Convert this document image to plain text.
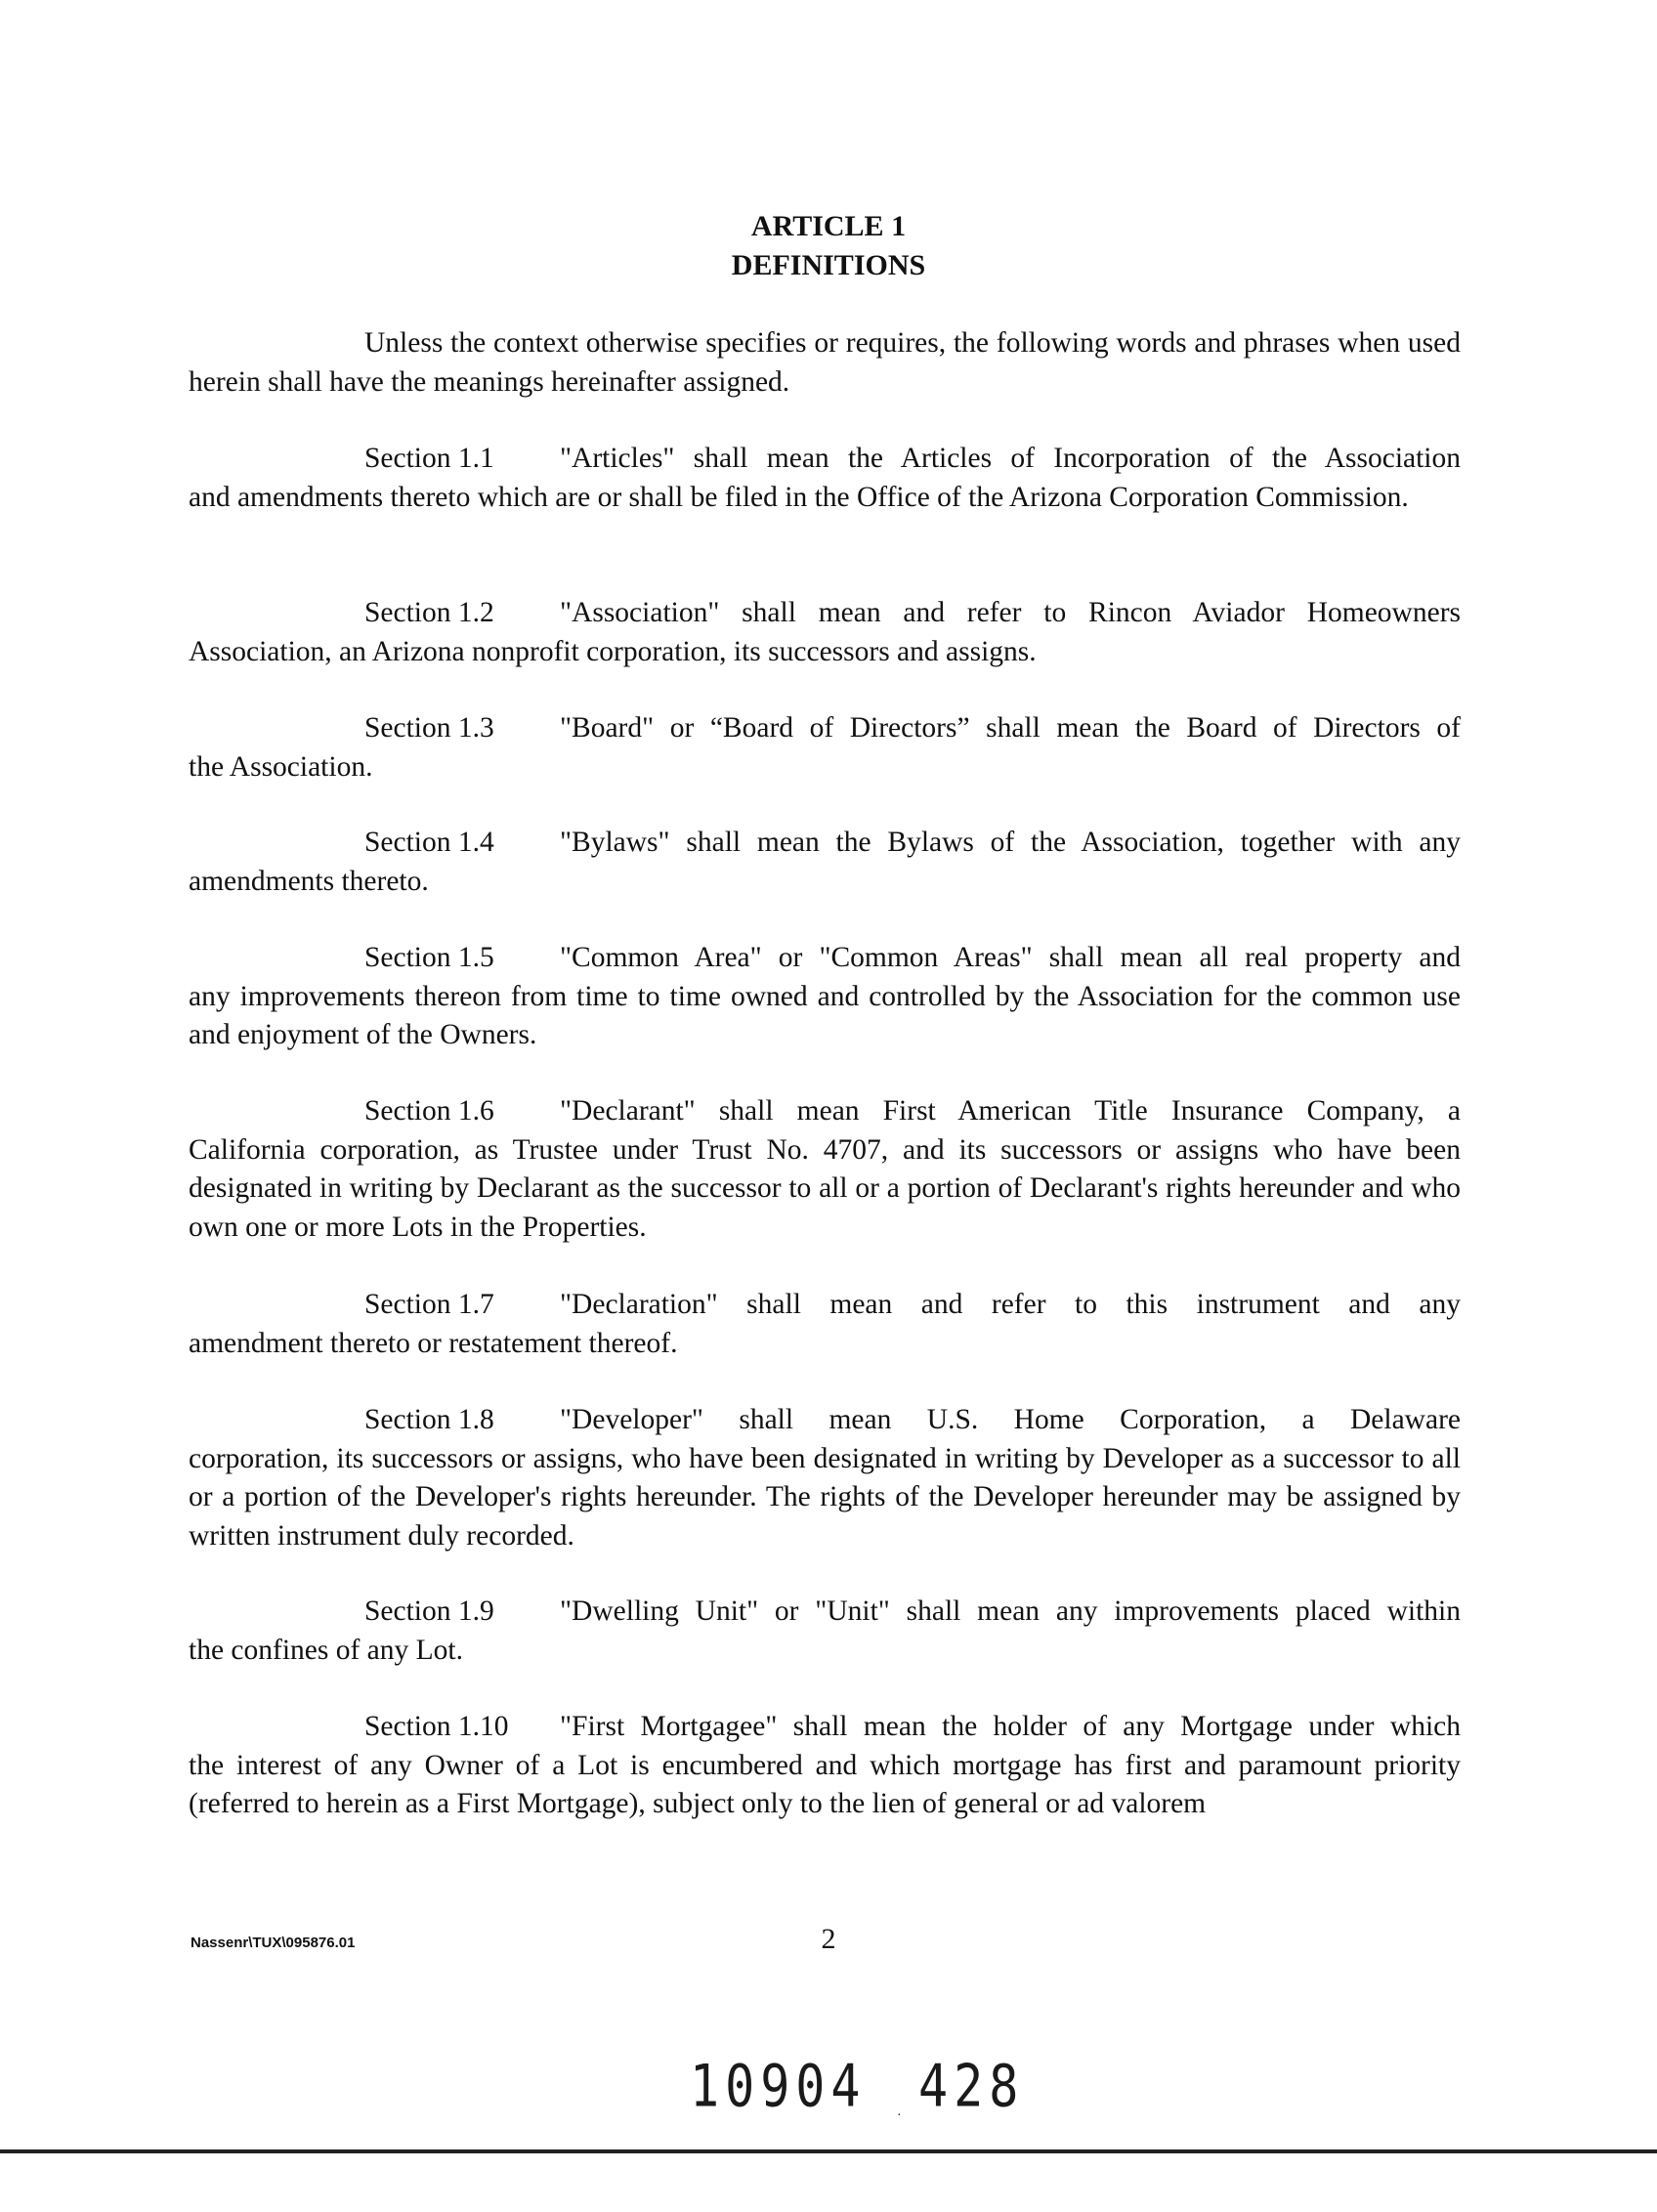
ARTICLE 1
DEFINITIONS
Unless the context otherwise specifies or requires, the following words and phrases when used herein shall have the meanings hereinafter assigned.
Section 1.1	"Articles" shall mean the Articles of Incorporation of the Association
and amendments thereto which are or shall be filed in the Office of the Arizona Corporation Commission.
Section 1.2	"Association" shall mean and refer to Rincon Aviador Homeowners
Association, an Arizona nonprofit corporation, its successors and assigns.
Section 1.3	"Board" or “Board of Directors” shall mean the Board of Directors of
the Association.
Section 1.4	"Bylaws" shall mean the Bylaws of the Association, together with any
amendments thereto.
Section 1.5	"Common Area" or "Common Areas" shall mean all real property and
any improvements thereon from time to time owned and controlled by the Association for the common use and enjoyment of the Owners.
Section 1.6	"Declarant" shall mean First American Title Insurance Company, a
California corporation, as Trustee under Trust No. 4707, and its successors or assigns who have been designated in writing by Declarant as the successor to all or a portion of Declarant's rights hereunder and who own one or more Lots in the Properties.
Section 1.7	"Declaration" shall mean and refer to this instrument and any
amendment thereto or restatement thereof.
Section 1.8	"Developer" shall mean U.S. Home Corporation, a Delaware
corporation, its successors or assigns, who have been designated in writing by Developer as a successor to all or a portion of the Developer's rights hereunder. The rights of the Developer hereunder may be assigned by written instrument duly recorded.
Section 1.9	"Dwelling Unit" or "Unit" shall mean any improvements placed within
the confines of any Lot.
Section 1.10	"First Mortgagee" shall mean the holder of any Mortgage under which
the interest of any Owner of a Lot is encumbered and which mortgage has first and paramount priority (referred to herein as a First Mortgage), subject only to the lien of general or ad valorem
Nassenr\TUX\095876.01	2
10904 · 428
